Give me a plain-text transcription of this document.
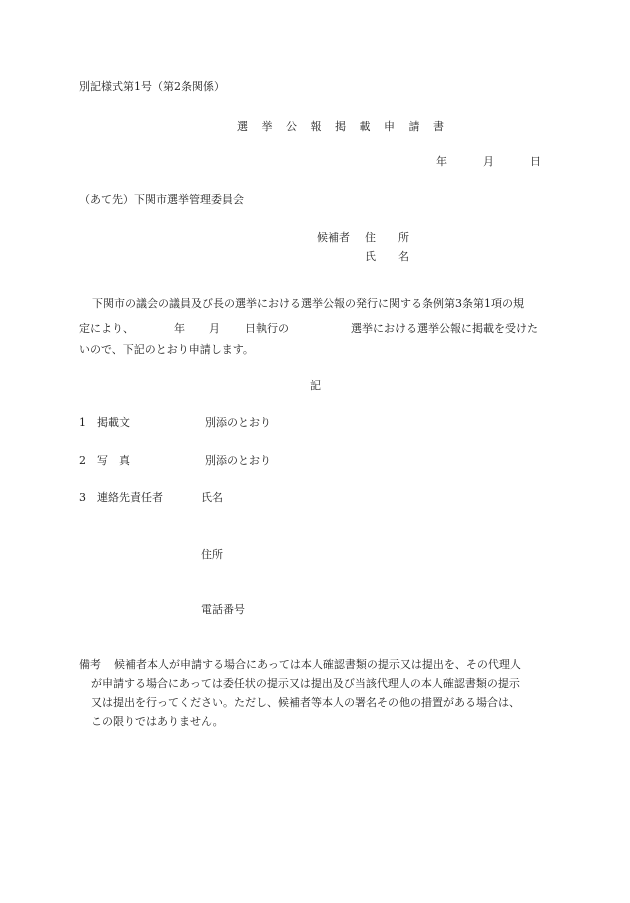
別記様式第1号（第2条関係）
選 挙 公 報 掲 載 申 請 書
年	月	日
（あて先）下関市選挙管理委員会
候補者 住　　所
氏　　名
下関市の議会の議員及び長の選挙における選挙公報の発行に関する条例第3条第1項の規
定により、	年 月 日執行の	選挙における選挙公報に掲載を受けた
いので、下記のとおり申請します。
記
1 掲載文	別添のとおり
2 写　真	別添のとおり
3 連絡先責任者	氏名
住所
電話番号
備考 候補者本人が申請する場合にあっては本人確認書類の提示又は提出を、その代理人
が申請する場合にあっては委任状の提示又は提出及び当該代理人の本人確認書類の提示
又は提出を行ってください。ただし、候補者等本人の署名その他の措置がある場合は、
この限りではありません。
